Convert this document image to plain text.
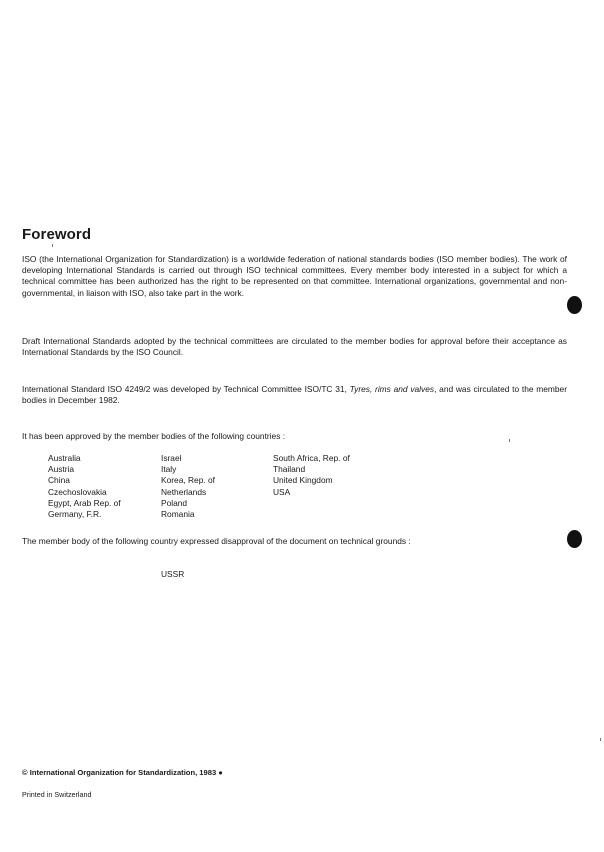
Foreword
ISO (the International Organization for Standardization) is a worldwide federation of national standards bodies (ISO member bodies). The work of developing International Standards is carried out through ISO technical committees. Every member body interested in a subject for which a technical committee has been authorized has the right to be represented on that committee. International organizations, governmental and non-governmental, in liaison with ISO, also take part in the work.
Draft International Standards adopted by the technical committees are circulated to the member bodies for approval before their acceptance as International Standards by the ISO Council.
International Standard ISO 4249/2 was developed by Technical Committee ISO/TC 31, Tyres, rims and valves, and was circulated to the member bodies in December 1982.
It has been approved by the member bodies of the following countries :
Australia
Austria
China
Czechoslovakia
Egypt, Arab Rep. of
Germany, F.R.
Israel
Italy
Korea, Rep. of
Netherlands
Poland
Romania
South Africa, Rep. of
Thailand
United Kingdom
USA
The member body of the following country expressed disapproval of the document on technical grounds :
USSR
© International Organization for Standardization, 1983 ●
Printed in Switzerland
